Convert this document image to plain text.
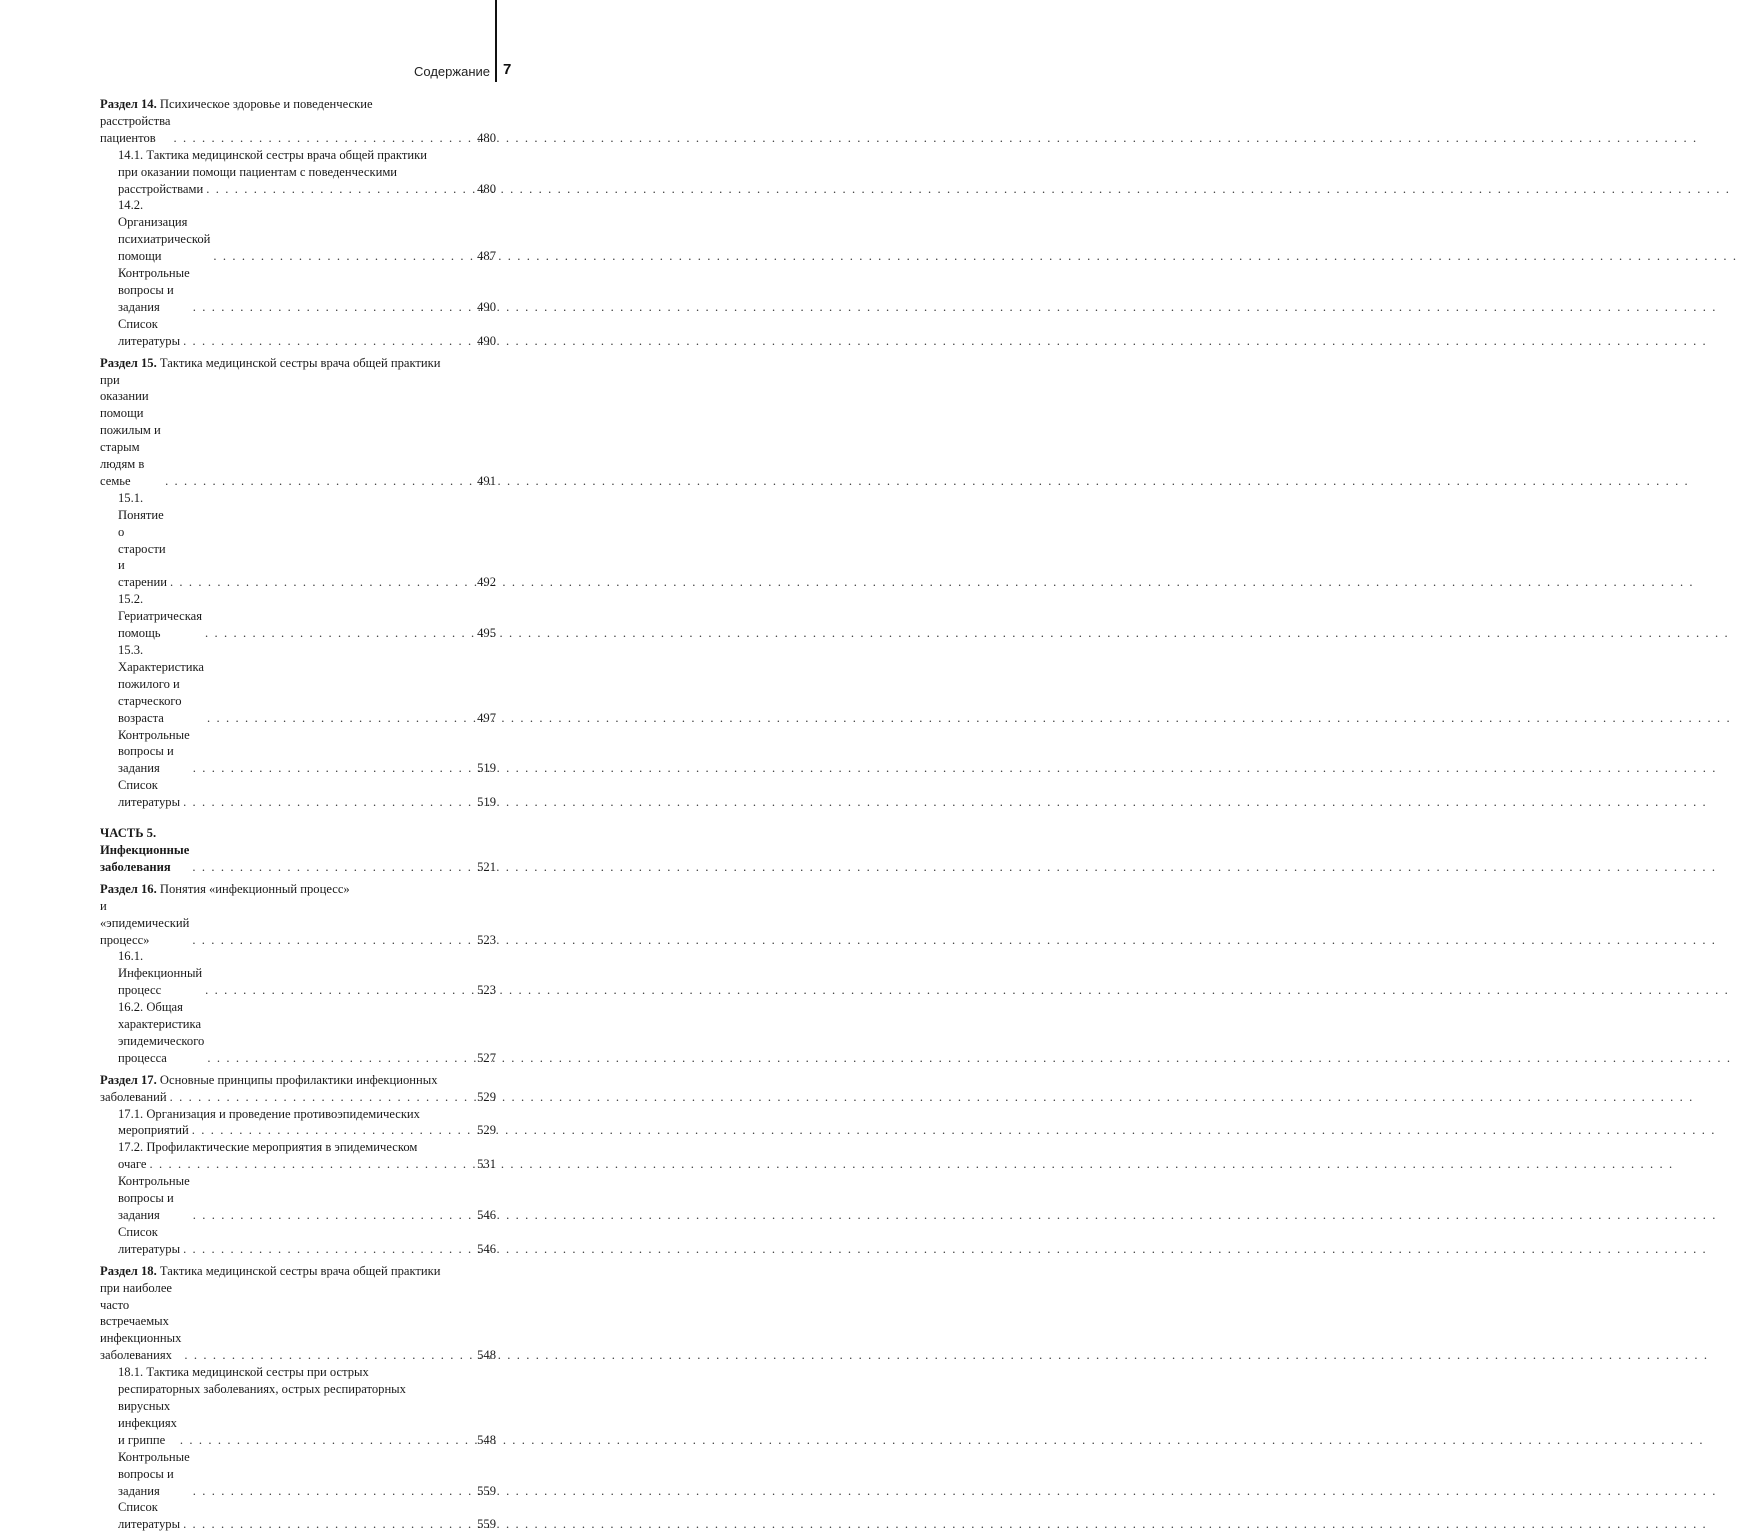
Содержание 7
Раздел 14. Психическое здоровье и поведенческие
расстройства пациентов . . .	480
14.1. Тактика медицинской сестры врача общей практики
при оказании помощи пациентам с поведенческими
расстройствами . . .	480
14.2. Организация психиатрической помощи . . .	487
Контрольные вопросы и задания . . .	490
Список литературы . . .	490
Раздел 15. Тактика медицинской сестры врача общей практики
при оказании помощи пожилым и старым людям в семье . . .	491
15.1. Понятие о старости и старении . . .	492
15.2. Гериатрическая помощь . . .	495
15.3. Характеристика пожилого и старческого возраста . . .	497
Контрольные вопросы и задания . . .	519
Список литературы . . .	519
ЧАСТЬ 5. Инфекционные заболевания . . .	521
Раздел 16. Понятия «инфекционный процесс»
и «эпидемический процесс» . . .	523
16.1. Инфекционный процесс . . .	523
16.2. Общая характеристика эпидемического процесса . . .	527
Раздел 17. Основные принципы профилактики инфекционных
заболеваний . . .	529
17.1. Организация и проведение противоэпидемических
мероприятий . . .	529
17.2. Профилактические мероприятия в эпидемическом
очаге . . .	531
Контрольные вопросы и задания . . .	546
Список литературы . . .	546
Раздел 18. Тактика медицинской сестры врача общей практики
при наиболее часто встречаемых инфекционных заболеваниях . . .	548
18.1. Тактика медицинской сестры при острых
респираторных заболеваниях, острых респираторных
вирусных инфекциях и гриппе . . .	548
Контрольные вопросы и задания . . .	559
Список литературы . . .	559
